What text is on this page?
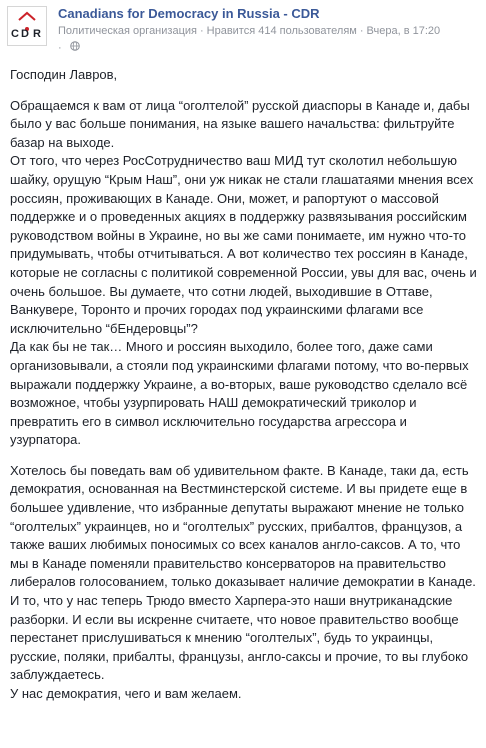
C D R
Canadians for Democracy in Russia - CDR
Политическая организация · Нравится 414 пользователям · Вчера, в 17:20
·

Господин Лавров,

Обращаемся к вам от лица “оголтелой” русской диаспоры в Канаде и, дабы было у вас больше понимания, на языке вашего начальства: фильтруйте базар на выходе.

От того, что через РосСотрудничество ваш МИД тут сколотил небольшую шайку, орущую “Крым Наш”, они уж никак не стали глашатаями мнения всех россиян, проживающих в Канаде. Они, может, и рапортуют о массовой поддержке и о проведенных акциях в поддержку развязывания российским руководством войны в Украине, но вы же сами понимаете, им нужно что-то придумывать, чтобы отчитываться. А вот количество тех россиян в Канаде, которые не согласны с политикой современной России, увы для вас, очень и очень большое. Вы думаете, что сотни людей, выходившие в Оттаве, Ванкувере, Торонто и прочих городах под украинскими флагами все исключительно “бЕндеровцы”?

Да как бы не так… Много и россиян выходило, более того, даже сами организовывали, а стояли под украинскими флагами потому, что во-первых выражали поддержку Украине, а во-вторых, ваше руководство сделало всё возможное, чтобы узурпировать НАШ демократический триколор и превратить его в символ исключительно государства агрессора и узурпатора.

Хотелось бы поведать вам об удивительном факте. В Канаде, таки да, есть демократия, основанная на Вестминстерской системе. И вы придете еще в большее удивление, что избранные депутаты выражают мнение не только “оголтелых” украинцев, но и “оголтелых” русских, прибалтов, французов, а также ваших любимых поносимых со всех каналов англо-саксов. А то, что мы в Канаде поменяли правительство консерваторов на правительство либералов голосованием, только доказывает наличие демократии в Канаде. И то, что у нас теперь Трюдо вместо Харпера-это наши внутриканадские разборки. И если вы искренне считаете, что новое правительство вообще перестанет прислушиваться к мнению “оголтелых”, будь то украинцы, русские, поляки, прибалты, французы, англо-саксы и прочие, то вы глубоко заблуждаетесь.

У нас демократия, чего и вам желаем.
